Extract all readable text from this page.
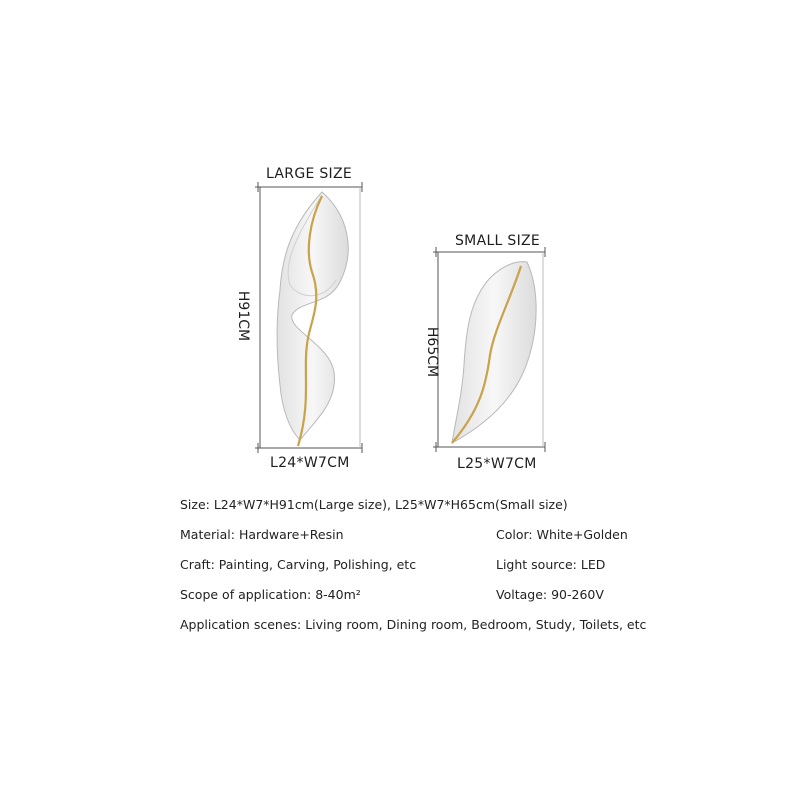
LARGE SIZE
H91CM
L24*W7CM
SMALL SIZE
H65CM
L25*W7CM
Size: L24*W7*H91cm(Large size), L25*W7*H65cm(Small size)
Material: Hardware+Resin	Color: White+Golden
Craft: Painting, Carving, Polishing, etc	Light source: LED
Scope of application: 8-40m²	Voltage: 90-260V
Application scenes: Living room, Dining room, Bedroom, Study, Toilets, etc
